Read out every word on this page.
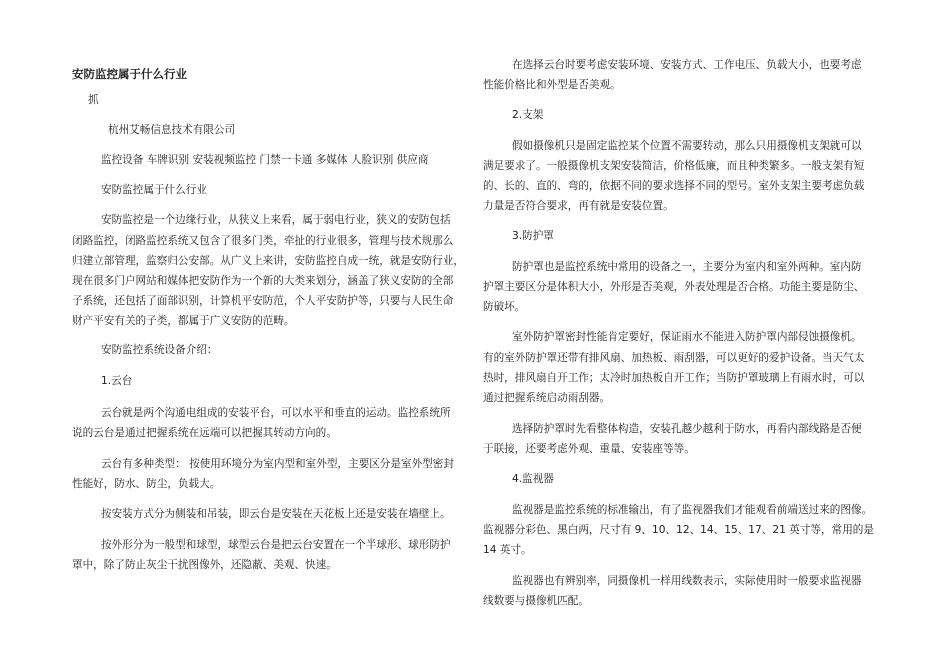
安防监控属于什么行业
抓
杭州艾畅信息技术有限公司
监控设备 车牌识别 安装视频监控 门禁一卡通 多媒体 人脸识别 供应商
安防监控属于什么行业
安防监控是一个边缘行业，从狭义上来看，属于弱电行业，狭义的安防包括
闭路监控，闭路监控系统又包含了很多门类，牵扯的行业很多，管理与技术规那么
归建立部管理，监察归公安部。从广义上来讲，安防监控自成一统，就是安防行业，
现在很多门户网站和媒体把安防作为一个新的大类来划分，涵盖了狭义安防的全部
子系统，还包括了面部识别，计算机平安防范，个人平安防护等，只要与人民生命
财产平安有关的子类，都属于广义安防的范畴。
安防监控系统设备介绍：
1.云台
云台就是两个沟通电组成的安装平台，可以水平和垂直的运动。监控系统所
说的云台是通过把握系统在远端可以把握其转动方向的。
云台有多种类型： 按使用环境分为室内型和室外型，主要区分是室外型密封
性能好，防水、防尘，负载大。
按安装方式分为侧装和吊装，即云台是安装在天花板上还是安装在墙壁上。
按外形分为一般型和球型，球型云台是把云台安置在一个半球形、球形防护
罩中，除了防止灰尘干扰图像外，还隐蔽、美观、快速。
在选择云台时要考虑安装环境、安装方式、工作电压、负载大小，也要考虑
性能价格比和外型是否美观。
2.支架
假如摄像机只是固定监控某个位置不需要转动，那么只用摄像机支架就可以
满足要求了。一般摄像机支架安装简洁，价格低廉，而且种类繁多。一般支架有短
的、长的、直的、弯的，依据不同的要求选择不同的型号。室外支架主要考虑负载
力量是否符合要求，再有就是安装位置。
3.防护罩
防护罩也是监控系统中常用的设备之一，主要分为室内和室外两种。室内防
护罩主要区分是体积大小，外形是否美观，外表处理是否合格。功能主要是防尘、
防破坏。
室外防护罩密封性能肯定要好，保证雨水不能进入防护罩内部侵蚀摄像机。
有的室外防护罩还带有排风扇、加热板、雨刮器，可以更好的爱护设备。当天气太
热时，排风扇自开工作；太冷时加热板自开工作；当防护罩玻璃上有雨水时，可以
通过把握系统启动雨刮器。
选择防护罩时先看整体构造，安装孔越少越利于防水，再看内部线路是否便
于联接，还要考虑外观、重量、安装座等等。
4.监视器
监视器是监控系统的标准输出，有了监视器我们才能观看前端送过来的图像。
监视器分彩色、黑白两，尺寸有 9、10、12、14、15、17、21 英寸等，常用的是
14 英寸。
监视器也有辨别率，同摄像机一样用线数表示，实际使用时一般要求监视器
线数要与摄像机匹配。
